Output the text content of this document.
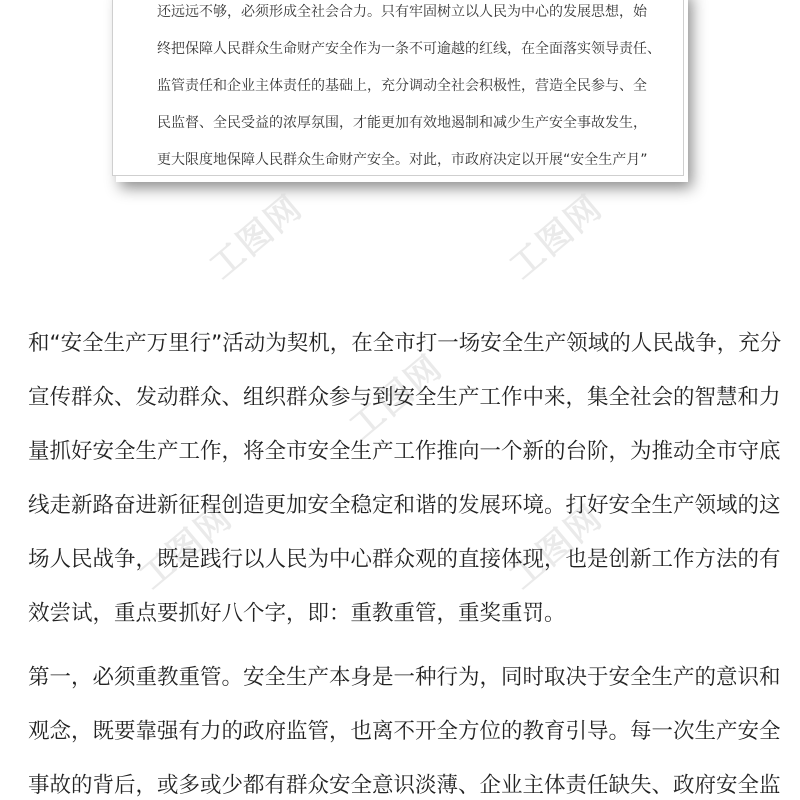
还远远不够，必须形成全社会合力。只有牢固树立以人民为中心的发展思想，始
终把保障人民群众生命财产安全作为一条不可逾越的红线，在全面落实领导责任、
监管责任和企业主体责任的基础上，充分调动全社会积极性，营造全民参与、全
民监督、全民受益的浓厚氛围，才能更加有效地遏制和减少生产安全事故发生，
更大限度地保障人民群众生命财产安全。对此，市政府决定以开展“安全生产月”
工图网	工图网
工图网
工图网	工图网
和“安全生产万里行”活动为契机，在全市打一场安全生产领域的人民战争，充分
宣传群众、发动群众、组织群众参与到安全生产工作中来，集全社会的智慧和力
量抓好安全生产工作，将全市安全生产工作推向一个新的台阶，为推动全市守底
线走新路奋进新征程创造更加安全稳定和谐的发展环境。打好安全生产领域的这
场人民战争，既是践行以人民为中心群众观的直接体现，也是创新工作方法的有
效尝试，重点要抓好八个字，即：重教重管，重奖重罚。
第一，必须重教重管。安全生产本身是一种行为，同时取决于安全生产的意识和
观念，既要靠强有力的政府监管，也离不开全方位的教育引导。每一次生产安全
事故的背后，或多或少都有群众安全意识淡薄、企业主体责任缺失、政府安全监
